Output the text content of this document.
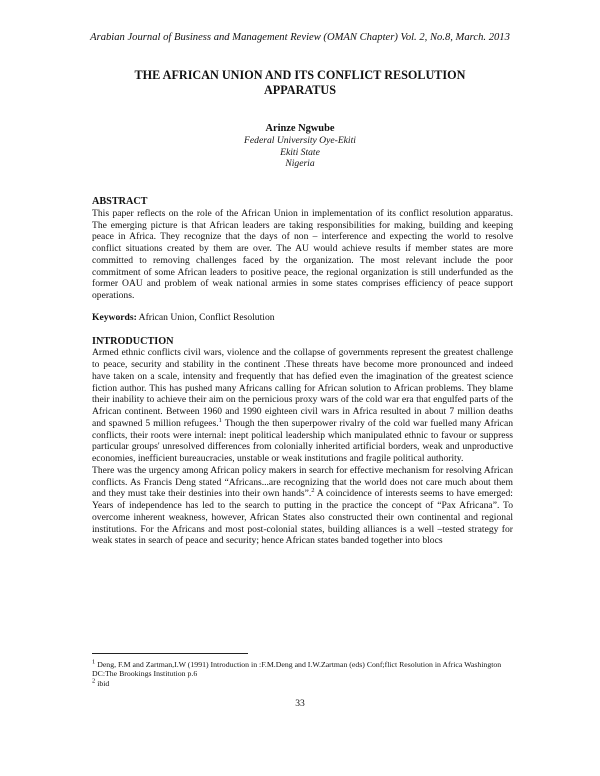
Arabian Journal of Business and Management Review (OMAN Chapter) Vol. 2, No.8, March. 2013
THE AFRICAN UNION AND ITS CONFLICT RESOLUTION
APPARATUS
Arinze Ngwube
Federal University Oye-Ekiti
Ekiti State
Nigeria
ABSTRACT

This paper reflects on the role of the African Union in implementation of its conflict resolution apparatus. The emerging picture is that African leaders are taking responsibilities for making, building and keeping peace in Africa. They recognize that the days of non – interference and expecting the world to resolve conflict situations created by them are over. The AU would achieve results if member states are more committed to removing challenges faced by the organization. The most relevant include the poor commitment of some African leaders to positive peace, the regional organization is still underfunded as the former OAU and problem of weak national armies in some states comprises efficiency of peace support operations.

Keywords: African Union, Conflict Resolution

INTRODUCTION

Armed ethnic conflicts civil wars, violence and the collapse of governments represent the greatest challenge to peace, security and stability in the continent .These threats have become more pronounced and indeed have taken on a scale, intensity and frequently that has defied even the imagination of the greatest science fiction author. This has pushed many Africans calling for African solution to African problems. They blame their inability to achieve their aim on the pernicious proxy wars of the cold war era that engulfed parts of the African continent. Between 1960 and 1990 eighteen civil wars in Africa resulted in about 7 million deaths and spawned 5 million refugees.$^1$ Though the then superpower rivalry of the cold war fuelled many African conflicts, their roots were internal: inept political leadership which manipulated ethnic to favour or suppress particular groups' unresolved differences from colonially inherited artificial borders, weak and unproductive economies, inefficient bureaucracies, unstable or weak institutions and fragile political authority.

There was the urgency among African policy makers in search for effective mechanism for resolving African conflicts. As Francis Deng stated “Africans...are recognizing that the world does not care much about them and they must take their destinies into their own hands”.$^2$ A coincidence of interests seems to have emerged: Years of independence has led to the search to putting in the practice the concept of “Pax Africana”. To overcome inherent weakness, however, African States also constructed their own continental and regional institutions. For the Africans and most post-colonial states, building alliances is a well –tested strategy for weak states in search of peace and security; hence African states banded together into blocs

$^1$ Deng, F.M and Zartman,I.W (1991) Introduction in :F.M.Deng and I.W.Zartman (eds) Conf;flict Resolution in Africa Washington DC:The Brookings Institution p.6
$^2$ ibid
33
